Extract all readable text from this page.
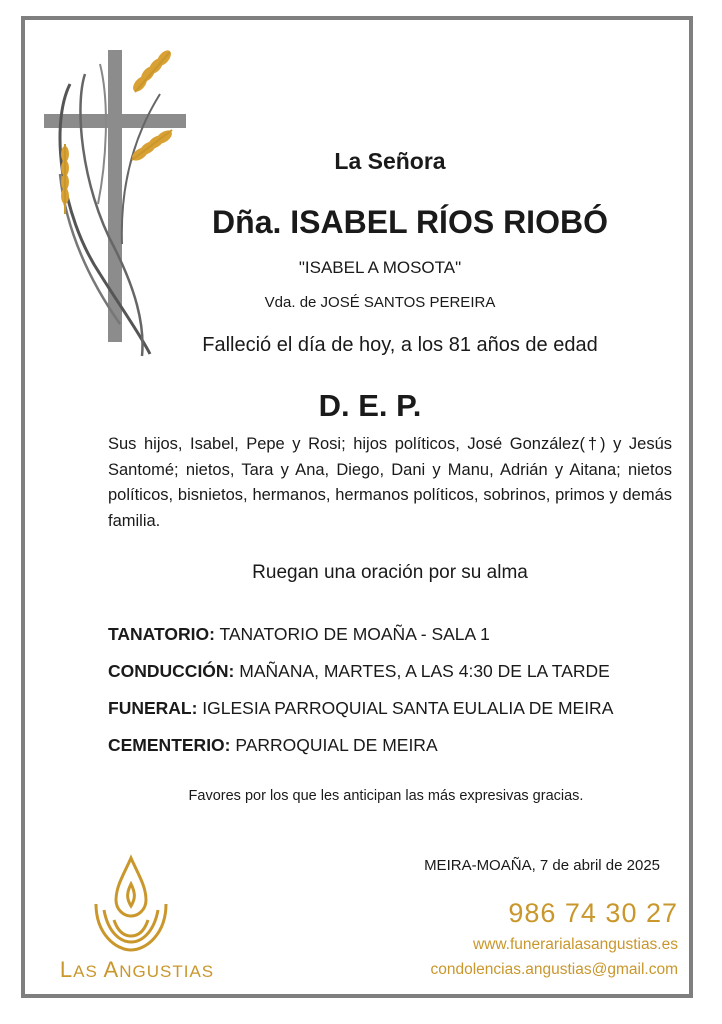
La Señora
Dña. ISABEL RÍOS RIOBÓ
"ISABEL A MOSOTA"
Vda. de JOSÉ SANTOS PEREIRA
Falleció el día de hoy, a los 81 años de edad
D. E. P.
Sus hijos, Isabel, Pepe y Rosi; hijos políticos, José González(†) y Jesús Santomé; nietos, Tara y Ana, Diego, Dani y Manu, Adrián y Aitana; nietos políticos, bisnietos, hermanos, hermanos políticos, sobrinos, primos y demás familia.
Ruegan una oración por su alma
TANATORIO: TANATORIO DE MOAÑA - SALA 1
CONDUCCIÓN: MAÑANA, MARTES, A LAS 4:30 DE LA TARDE
FUNERAL: IGLESIA PARROQUIAL SANTA EULALIA DE MEIRA
CEMENTERIO: PARROQUIAL DE MEIRA
Favores por los que les anticipan las más expresivas gracias.
MEIRA-MOAÑA, 7 de abril de 2025
LAS ANGUSTIAS
986 74 30 27
www.funerarialasangustias.es
condolencias.angustias@gmail.com
